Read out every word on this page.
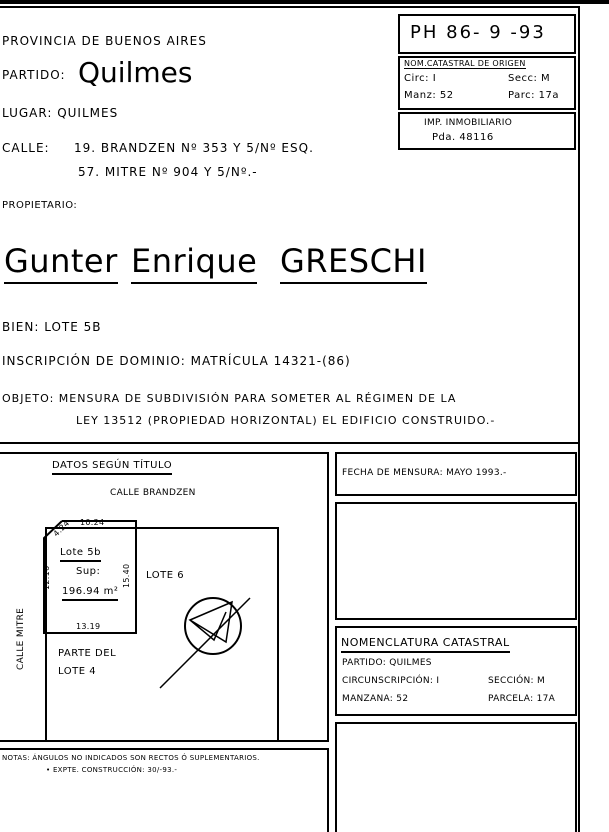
PROVINCIA DE BUENOS AIRES
PARTIDO: Quilmes
LUGAR: QUILMES
CALLE: 19. BRANDZEN Nº 353 Y 5/Nº ESQ.
57. MITRE Nº 904 Y 5/Nº.-
PROPIETARIO:
PH 86- 9 -93
NOM.CATASTRAL DE ORIGEN
Circ: I	Secc: M
Manz: 52	Parc: 17a
IMP. INMOBILIARIO
Pda. 48116
Gunter Enrique GRESCHI
BIEN: LOTE 5B
INSCRIPCIÓN DE DOMINIO: MATRÍCULA 14321-(86)
OBJETO: MENSURA DE SUBDIVISIÓN PARA SOMETER AL RÉGIMEN DE LA
LEY 13512 (PROPIEDAD HORIZONTAL) EL EDIFICIO CONSTRUIDO.-
DATOS SEGÚN TÍTULO
CALLE BRANDZEN
4.24 10.24
Lote 5b
Sup:
196.94 m²
12.16	15.40
13.19
LOTE 6
CALLE MITRE	PARTE DEL
LOTE 4
FECHA DE MENSURA: MAYO 1993.-
NOMENCLATURA CATASTRAL
PARTIDO: QUILMES
CIRCUNSCRIPCIÓN: I	SECCIÓN: M
MANZANA: 52	PARCELA: 17A
NOTAS: ÁNGULOS NO INDICADOS SON RECTOS Ó SUPLEMENTARIOS.
• EXPTE. CONSTRUCCIÓN: 30/-93.-
